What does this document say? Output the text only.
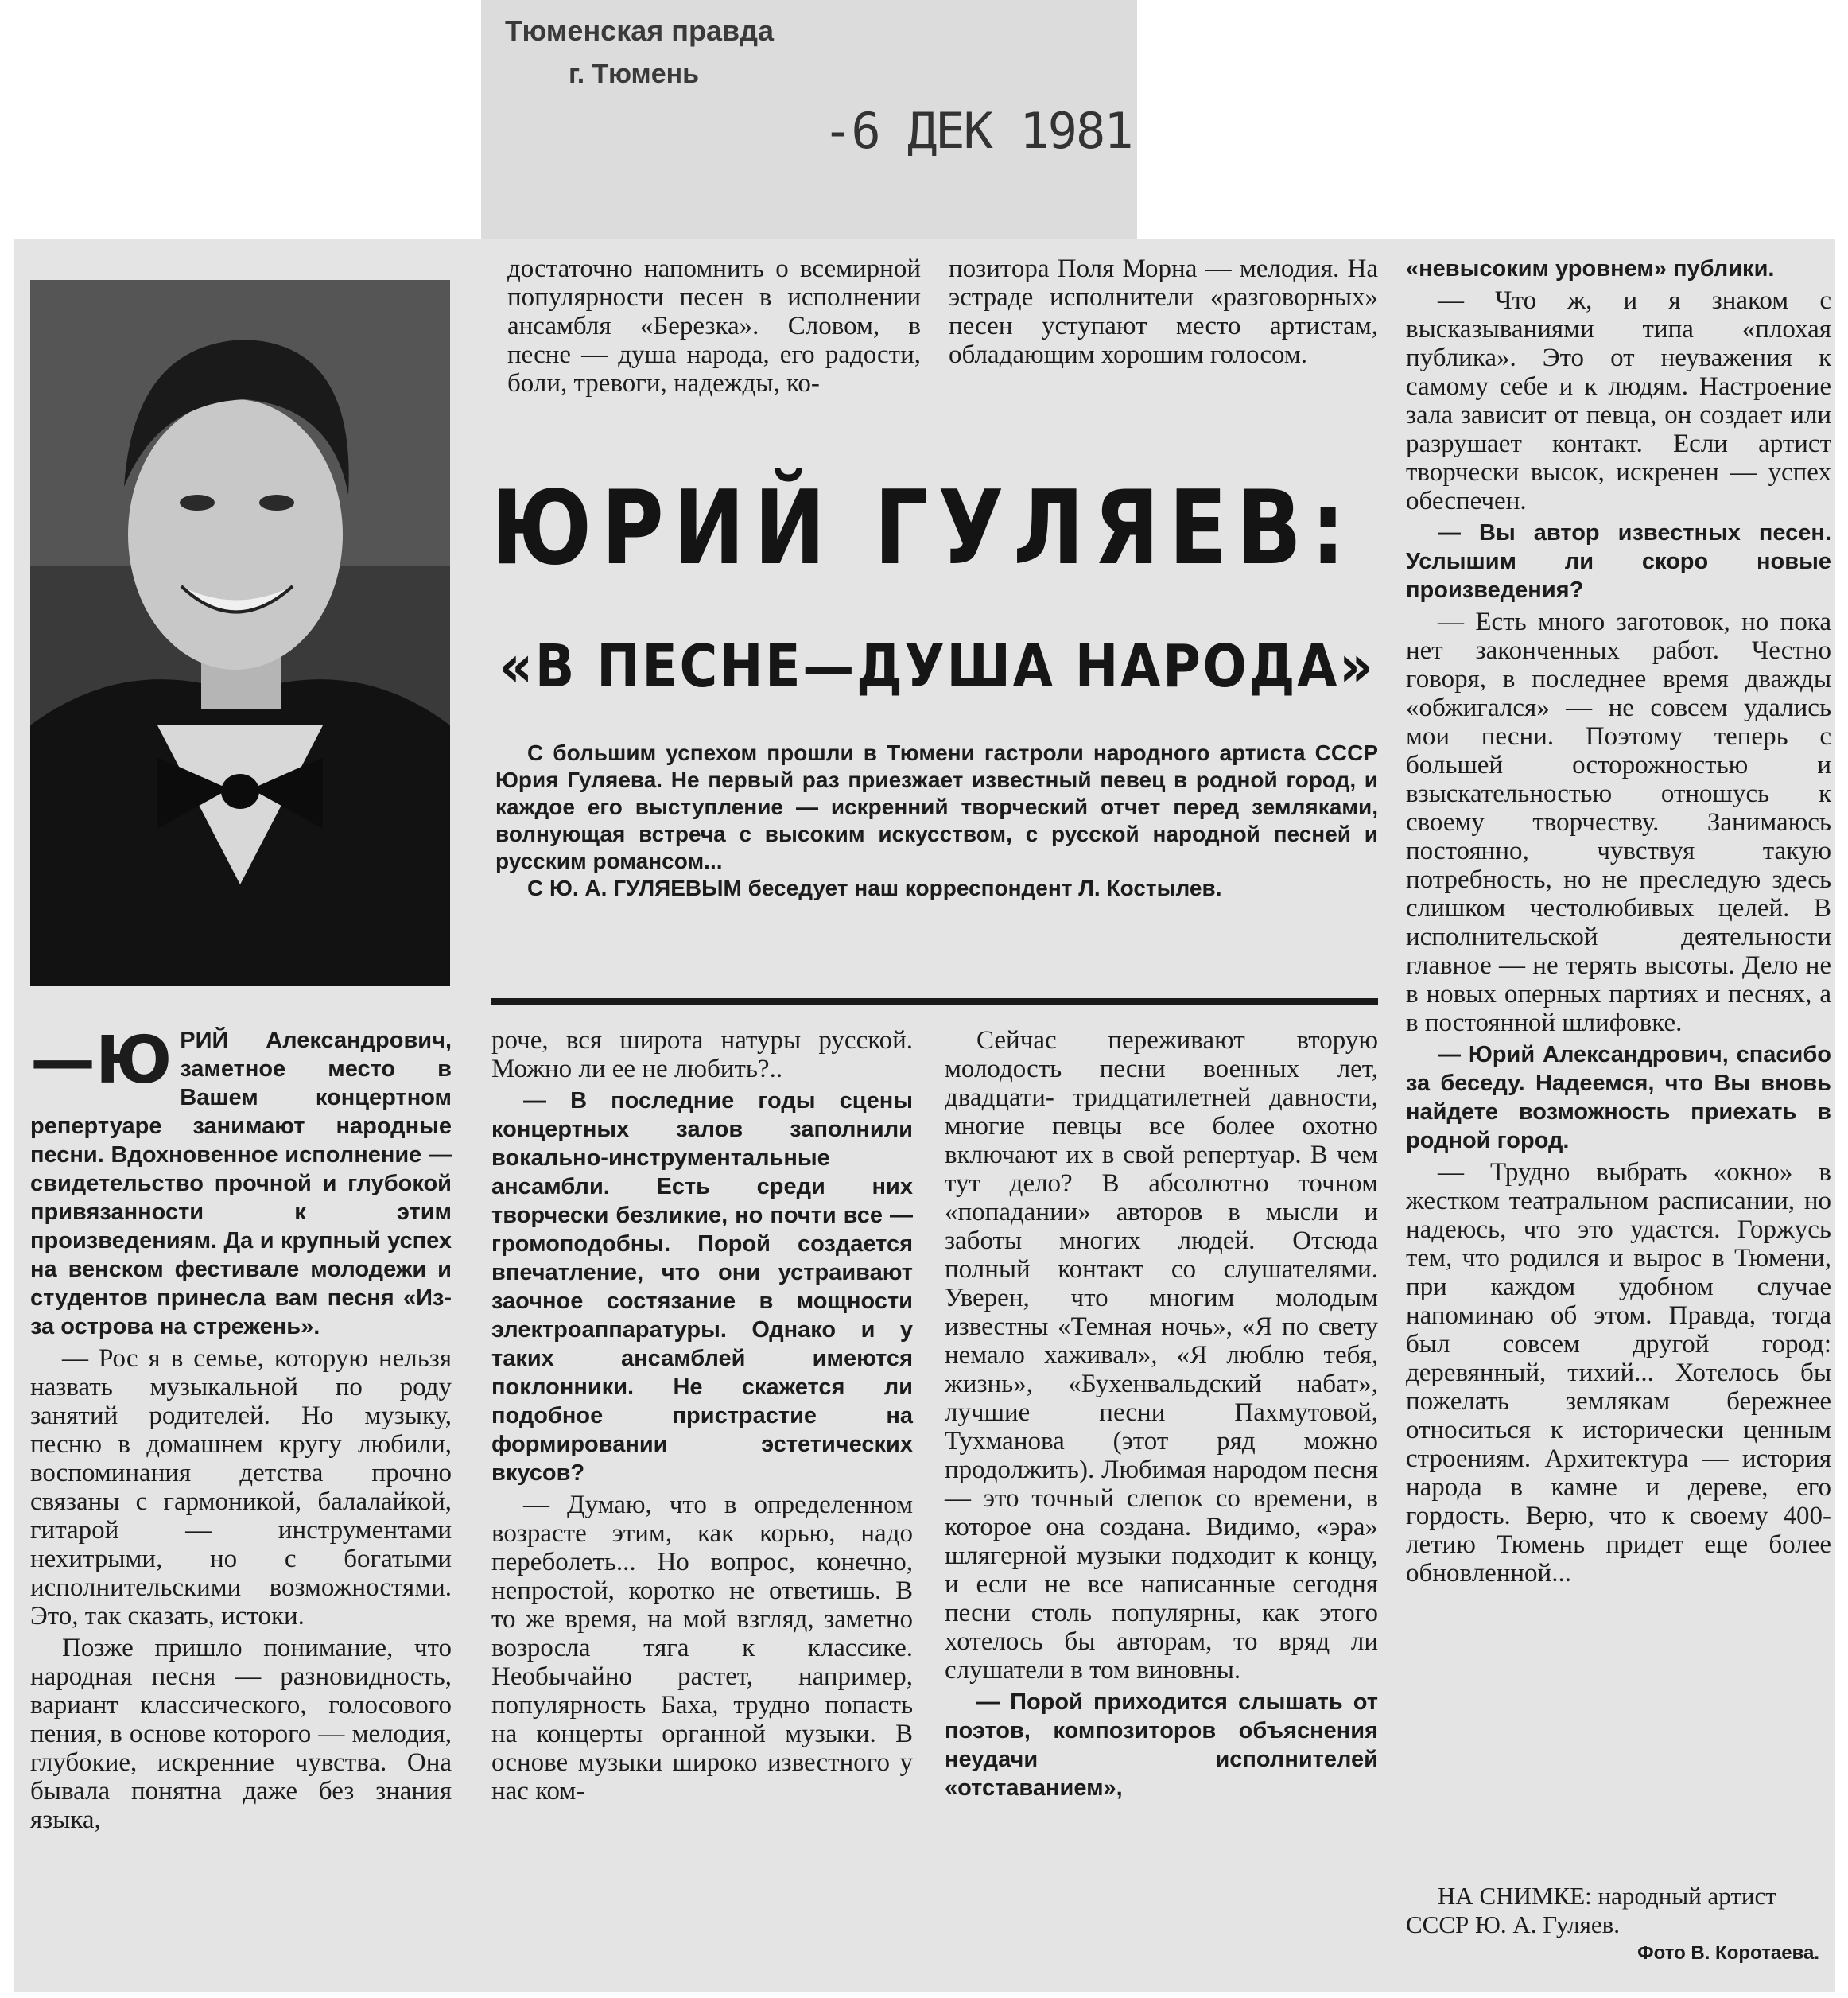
Тюменская правда
г. Тюмень
-6 ДЕК 1981

достаточно напомнить о всемирной популярности песен в исполнении ансамбля «Березка». Словом, в песне — душа народа, его радости, боли, тревоги, надежды, ко-

позитора Поля Морна — мелодия. На эстраде исполнители «разговорных» песен уступают место артистам, обладающим хорошим голосом.

ЮРИЙ ГУЛЯЕВ:
«В ПЕСНЕ—ДУША НАРОДА»

С большим успехом прошли в Тюмени гастроли народного артиста СССР Юрия Гуляева. Не первый раз приезжает известный певец в родной город, и каждое его выступление — искренний творческий отчет перед земляками, волнующая встреча с высоким искусством, с русской народной песней и русским романсом...

С Ю. А. ГУЛЯЕВЫМ беседует наш корреспондент Л. Костылев.

—Ю РИЙ Александрович, заметное место в Вашем концертном репертуаре занимают народные песни. Вдохновенное исполнение — свидетельство прочной и глубокой привязанности к этим произведениям. Да и крупный успех на венском фестивале молодежи и студентов принесла вам песня «Из-за острова на стрежень».

— Рос я в семье, которую нельзя назвать музыкальной по роду занятий родителей. Но музыку, песню в домашнем кругу любили, воспоминания детства прочно связаны с гармоникой, балалайкой, гитарой — инструментами нехитрыми, но с богатыми исполнительскими возможностями. Это, так сказать, истоки.

Позже пришло понимание, что народная песня — разновидность, вариант классического, голосового пения, в основе которого — мелодия, глубокие, искренние чувства. Она бывала понятна даже без знания языка,

роче, вся широта натуры русской. Можно ли ее не любить?..

— В последние годы сцены концертных залов заполнили вокально-инструментальные ансамбли. Есть среди них творчески безликие, но почти все — громоподобны. Порой создается впечатление, что они устраивают заочное состязание в мощности электроаппаратуры. Однако и у таких ансамблей имеются поклонники. Не скажется ли подобное пристрастие на формировании эстетических вкусов?

— Думаю, что в определенном возрасте этим, как корью, надо переболеть... Но вопрос, конечно, непростой, коротко не ответишь. В то же время, на мой взгляд, заметно возросла тяга к классике. Необычайно растет, например, популярность Баха, трудно попасть на концерты органной музыки. В основе музыки широко известного у нас ком-

Сейчас переживают вторую молодость песни военных лет, двадцати- тридцатилетней давности, многие певцы все более охотно включают их в свой репертуар. В чем тут дело? В абсолютно точном «попадании» авторов в мысли и заботы многих людей. Отсюда полный контакт со слушателями. Уверен, что многим молодым известны «Темная ночь», «Я по свету немало хаживал», «Я люблю тебя, жизнь», «Бухенвальдский набат», лучшие песни Пахмутовой, Тухманова (этот ряд можно продолжить). Любимая народом песня — это точный слепок со времени, в которое она создана. Видимо, «эра» шлягерной музыки подходит к концу, и если не все написанные сегодня песни столь популярны, как этого хотелось бы авторам, то вряд ли слушатели в том виновны.

— Порой приходится слышать от поэтов, композиторов объяснения неудачи исполнителей «отставанием»,

«невысоким уровнем» публики.

— Что ж, и я знаком с высказываниями типа «плохая публика». Это от неуважения к самому себе и к людям. Настроение зала зависит от певца, он создает или разрушает контакт. Если артист творчески высок, искренен — успех обеспечен.

— Вы автор известных песен. Услышим ли скоро новые произведения?

— Есть много заготовок, но пока нет законченных работ. Честно говоря, в последнее время дважды «обжигался» — не совсем удались мои песни. Поэтому теперь с большей осторожностью и взыскательностью отношусь к своему творчеству. Занимаюсь постоянно, чувствуя такую потребность, но не преследую здесь слишком честолюбивых целей. В исполнительской деятельности главное — не терять высоты. Дело не в новых оперных партиях и песнях, а в постоянной шлифовке.

— Юрий Александрович, спасибо за беседу. Надеемся, что Вы вновь найдете возможность приехать в родной город.

— Трудно выбрать «окно» в жестком театральном расписании, но надеюсь, что это удастся. Горжусь тем, что родился и вырос в Тюмени, при каждом удобном случае напоминаю об этом. Правда, тогда был совсем другой город: деревянный, тихий... Хотелось бы пожелать землякам бережнее относиться к исторически ценным строениям. Архитектура — история народа в камне и дереве, его гордость. Верю, что к своему 400-летию Тюмень придет еще более обновленной...

НА СНИМКЕ: народный артист СССР Ю. А. Гуляев.
Фото В. Коротаева.
